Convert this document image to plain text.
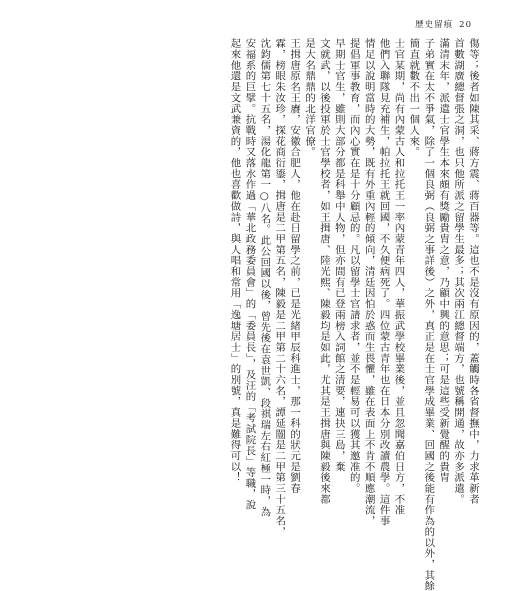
歷史留痕 20
傷等；後者如陳其采、蔣方震、蔣百器等。這也不是沒有原因的，蓋觸時各省督撫中，力求革新者
首數湖廣總督張之洞，也只他所派之留學生最多；其次兩江總督端方，也號稱開通，故亦多派遣。
滿清末年，派遣士官學生本來頗有獎勵貴胄之意，乃顧中興的意思；可是這些受新覺醒的貴冑
子弟實在太不爭氣，除了一個良弼（良弼之事詳後）之外，真正是在士官學成畢業、回國之後能有作為的以外，其餘
簡直就數不出一個人來。
士官某期，尚有內蒙古人和拉托王一率內蒙青年四人，華振武學校畢業後，並且忽聞嘉伯日方，不准
他們入聯隊見充補生，帕拉托王就回國，不久便病死了。四位蒙古青年也在日本分別改讀農學。這件事
情足以說明當時的大勢，既有外重內輕的傾向，清廷因怕於惑而生畏懼，雖在表面上不肯不順應潮流，
提倡軍事教育，而內心實在是十分顧忌的。凡以留學士官請求者，並不是輕易可以獲其邀准的。
早期士官生，雖則大部分都是科舉中人物，但亦間有已登兩榜入詞館之清要，連抉三島，棄
文就武，以後投軍於士官學校者，如王揖唐、陸光熙、陳毅均是如此，尤其是王揖唐與陳毅後來都
是大名鼎鼎的北洋官僚。
王揖唐原名王賡，安徽合肥人，他在赴日留學之前，已是光緒甲辰科進士，那一科的狀元是劉春
霖，榜眼朱汝珍，探花商衍鎏，揖唐是二甲第五名，陳毅是二甲第二十六名，譚延闓是二甲第三十五名，
沈鈞儒第七十五名，湯化龍第一○八名。此公回國以後，曾先後在袁世凱、段祺瑞左右紅極一時，為
安福系的巨擘。抗戰時又落水作過「華北政務委員會」的「委員長」，及汪的「考試院長」等職，說
起來他還是文武兼資的，他也喜歡做詩，與人唱和常用「逸塘居士」的別號，真是難得可以！
